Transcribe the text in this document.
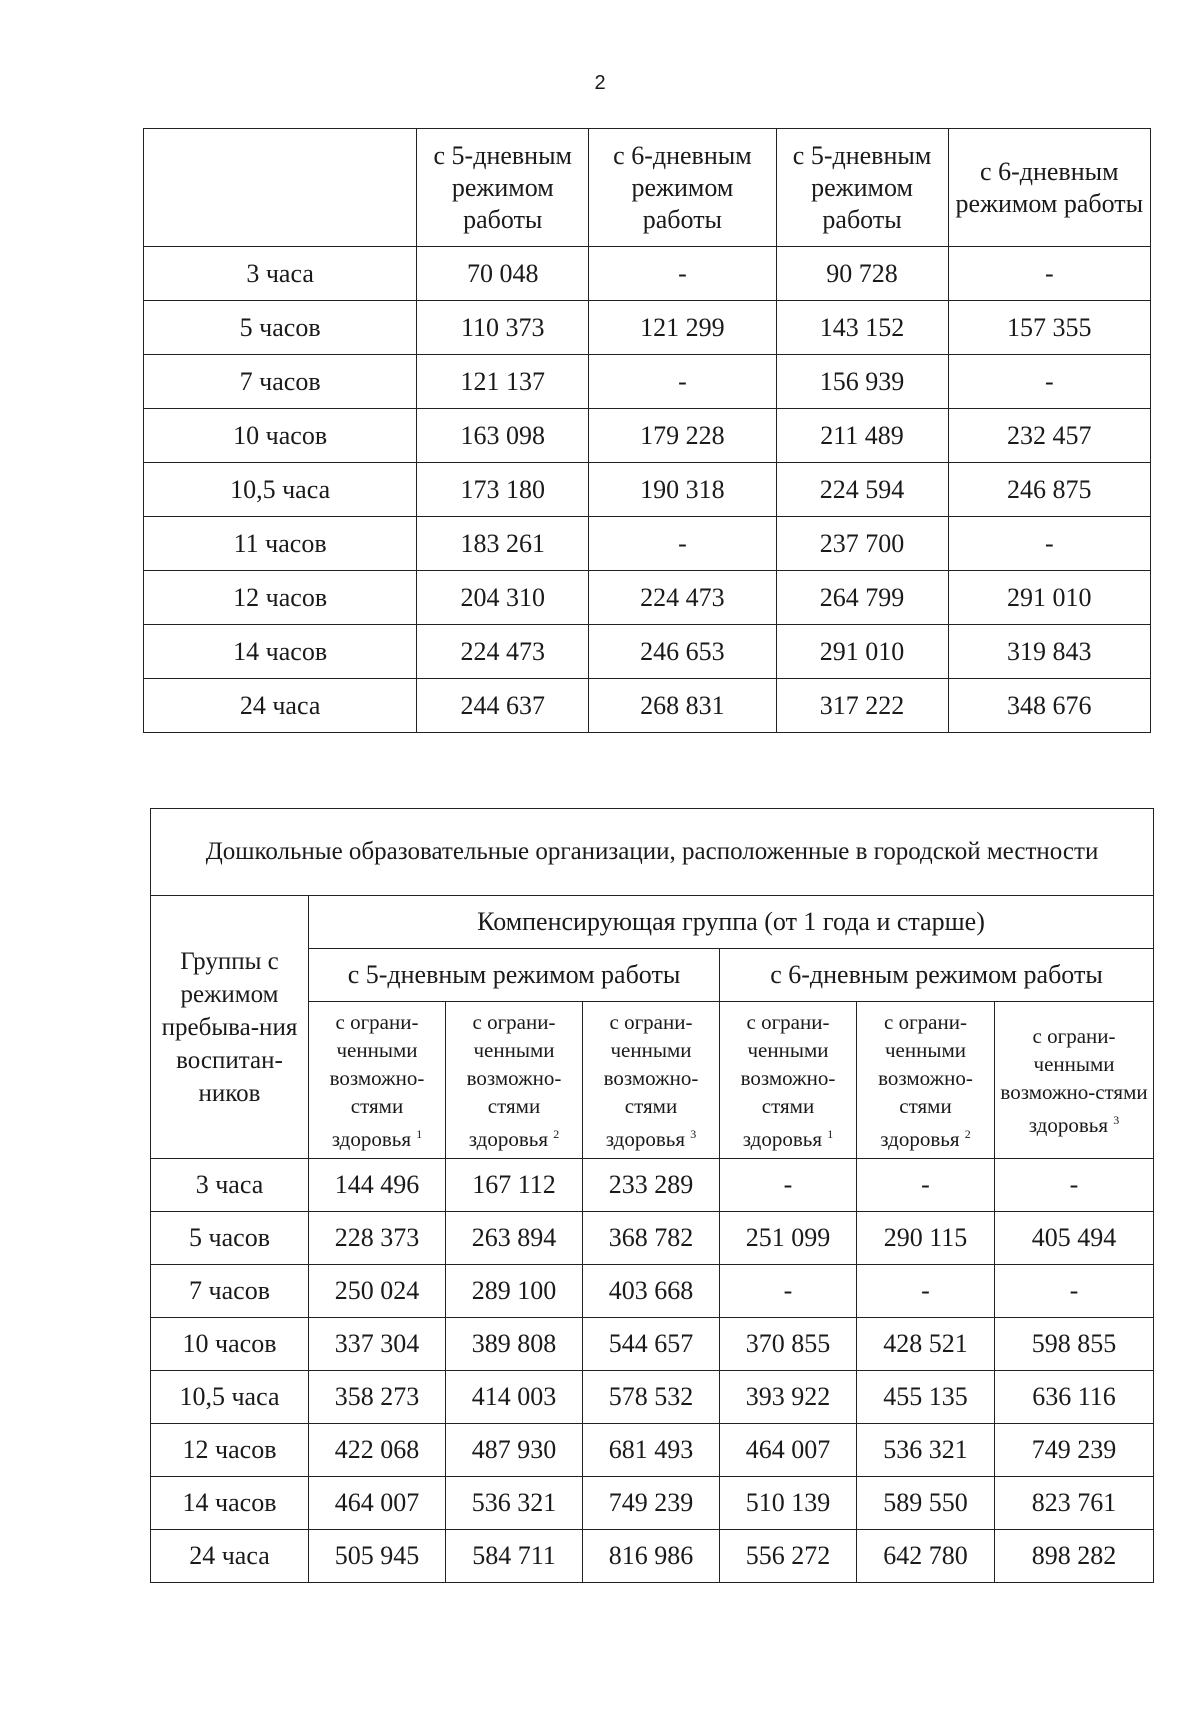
2
	с 5-дневным режимом работы	с 6-дневным режимом работы	с 5-дневным режимом работы	с 6-дневным режимом работы
3 часа	70 048	-	90 728	-
5 часов	110 373	121 299	143 152	157 355
7 часов	121 137	-	156 939	-
10 часов	163 098	179 228	211 489	232 457
10,5 часа	173 180	190 318	224 594	246 875
11 часов	183 261	-	237 700	-
12 часов	204 310	224 473	264 799	291 010
14 часов	224 473	246 653	291 010	319 843
24 часа	244 637	268 831	317 222	348 676
Дошкольные образовательные организации, расположенные в городской местности						
Группы с режимом пребыва-ния воспитан-ников	Компенсирующая группа (от 1 года и старше)					
	с 5-дневным режимом работы			с 6-дневным режимом работы		
	с ограни-ченными возможно-стями здоровья $^1$	с ограни-ченными возможно-стями здоровья $^2$	с ограни-ченными возможно-стями здоровья $^3$	с ограни-ченными возможно-стями здоровья $^1$	с ограни-ченными возможно-стями здоровья $^2$	с ограни-ченными возможно-стями здоровья $^3$
3 часа	144 496	167 112	233 289	-	-	-
5 часов	228 373	263 894	368 782	251 099	290 115	405 494
7 часов	250 024	289 100	403 668	-	-	-
10 часов	337 304	389 808	544 657	370 855	428 521	598 855
10,5 часа	358 273	414 003	578 532	393 922	455 135	636 116
12 часов	422 068	487 930	681 493	464 007	536 321	749 239
14 часов	464 007	536 321	749 239	510 139	589 550	823 761
24 часа	505 945	584 711	816 986	556 272	642 780	898 282
